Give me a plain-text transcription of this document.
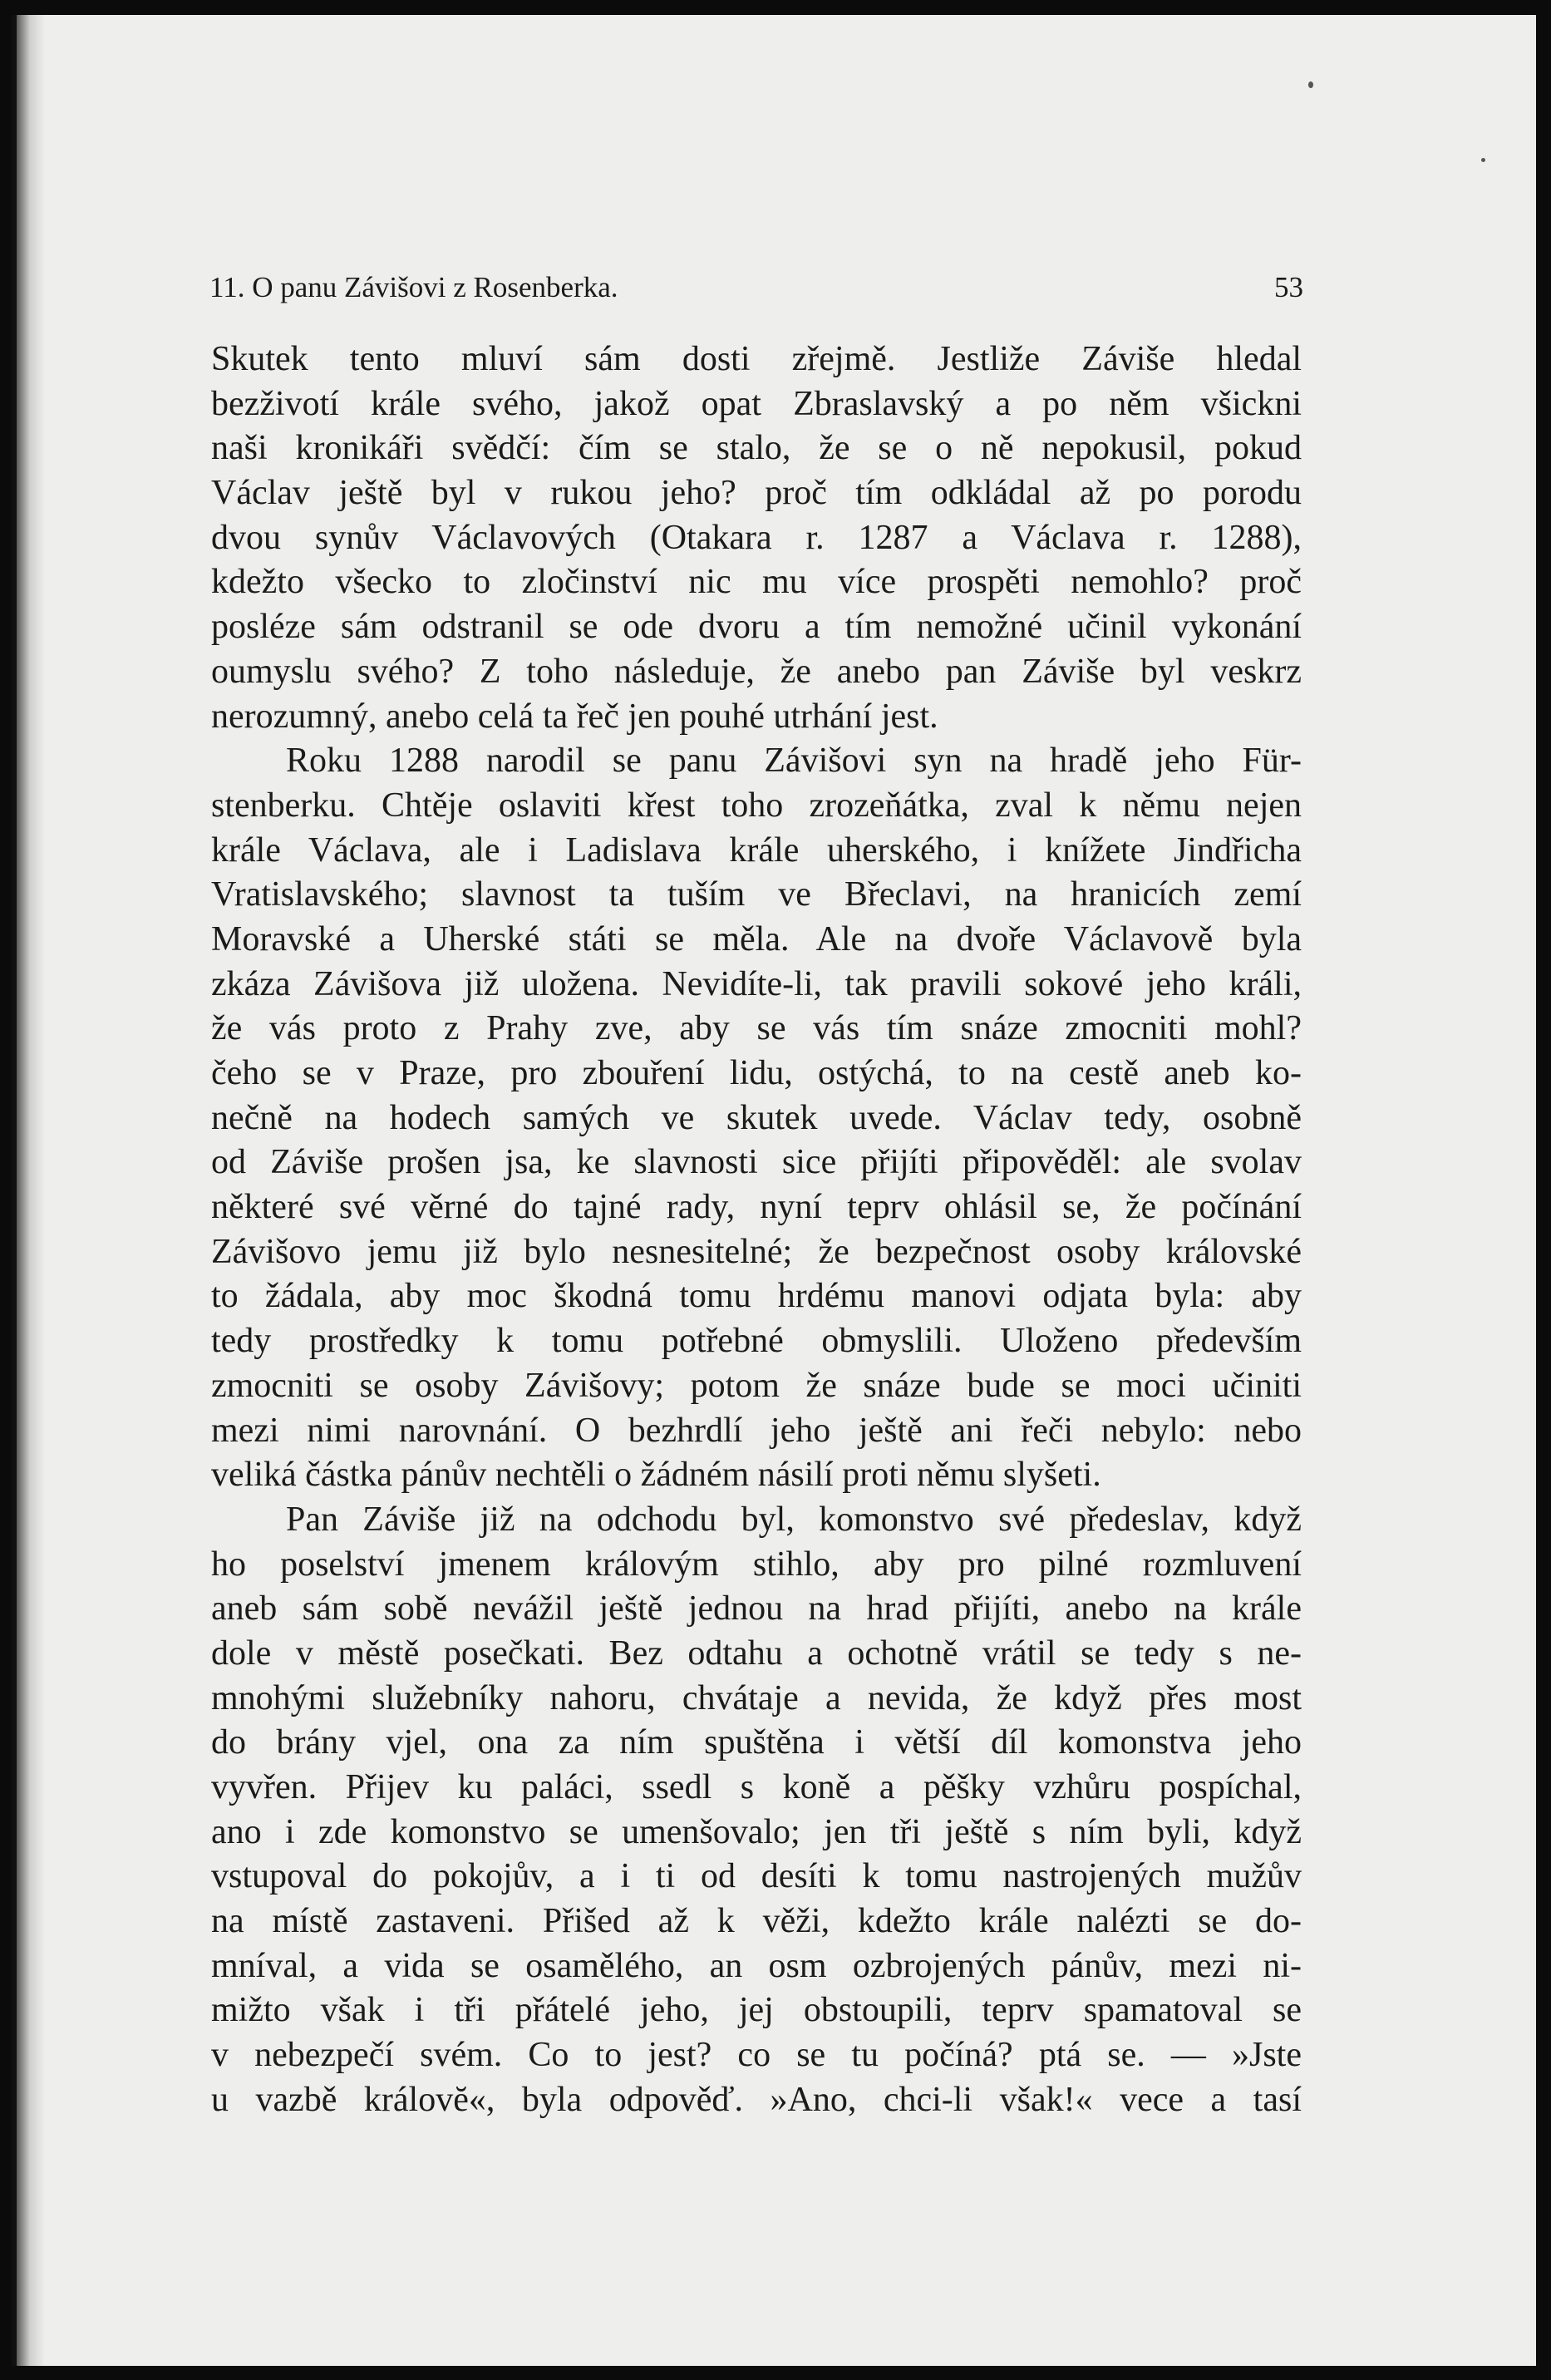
11. O panu Závišovi z Rosenberka.	53
Skutek tento mluví sám dosti zřejmě. Jestliže Záviše hledal
bezživotí krále svého, jakož opat Zbraslavský a po něm všickni
naši kronikáři svědčí: čím se stalo, že se o ně nepokusil, pokud
Václav ještě byl v rukou jeho? proč tím odkládal až po porodu
dvou synův Václavových (Otakara r. 1287 a Václava r. 1288),
kdežto všecko to zločinství nic mu více prospěti nemohlo? proč
posléze sám odstranil se ode dvoru a tím nemožné učinil vykonání
oumyslu svého? Z toho následuje, že anebo pan Záviše byl veskrz
nerozumný, anebo celá ta řeč jen pouhé utrhání jest.
Roku 1288 narodil se panu Závišovi syn na hradě jeho Für-
stenberku. Chtěje oslaviti křest toho zrozeňátka, zval k němu nejen
krále Václava, ale i Ladislava krále uherského, i knížete Jindřicha
Vratislavského; slavnost ta tuším ve Břeclavi, na hranicích zemí
Moravské a Uherské státi se měla. Ale na dvoře Václavově byla
zkáza Závišova již uložena. Nevidíte-li, tak pravili sokové jeho králi,
že vás proto z Prahy zve, aby se vás tím snáze zmocniti mohl?
čeho se v Praze, pro zbouření lidu, ostýchá, to na cestě aneb ko-
nečně na hodech samých ve skutek uvede. Václav tedy, osobně
od Záviše prošen jsa, ke slavnosti sice přijíti připověděl: ale svolav
některé své věrné do tajné rady, nyní teprv ohlásil se, že počínání
Závišovo jemu již bylo nesnesitelné; že bezpečnost osoby královské
to žádala, aby moc škodná tomu hrdému manovi odjata byla: aby
tedy prostředky k tomu potřebné obmyslili. Uloženo především
zmocniti se osoby Závišovy; potom že snáze bude se moci učiniti
mezi nimi narovnání. O bezhrdlí jeho ještě ani řeči nebylo: nebo
veliká částka pánův nechtěli o žádném násilí proti němu slyšeti.
Pan Záviše již na odchodu byl, komonstvo své předeslav, když
ho poselství jmenem královým stihlo, aby pro pilné rozmluvení
aneb sám sobě nevážil ještě jednou na hrad přijíti, anebo na krále
dole v městě posečkati. Bez odtahu a ochotně vrátil se tedy s ne-
mnohými služebníky nahoru, chvátaje a nevida, že když přes most
do brány vjel, ona za ním spuštěna i větší díl komonstva jeho
vyvřen. Přijev ku paláci, ssedl s koně a pěšky vzhůru pospíchal,
ano i zde komonstvo se umenšovalo; jen tři ještě s ním byli, když
vstupoval do pokojův, a i ti od desíti k tomu nastrojených mužův
na místě zastaveni. Přišed až k věži, kdežto krále nalézti se do-
mníval, a vida se osamělého, an osm ozbrojených pánův, mezi ni-
mižto však i tři přátelé jeho, jej obstoupili, teprv spamatoval se
v nebezpečí svém. Co to jest? co se tu počíná? ptá se. — »Jste
u vazbě královĕ«, byla odpověď. »Ano, chci-li však!« vece a tasí
